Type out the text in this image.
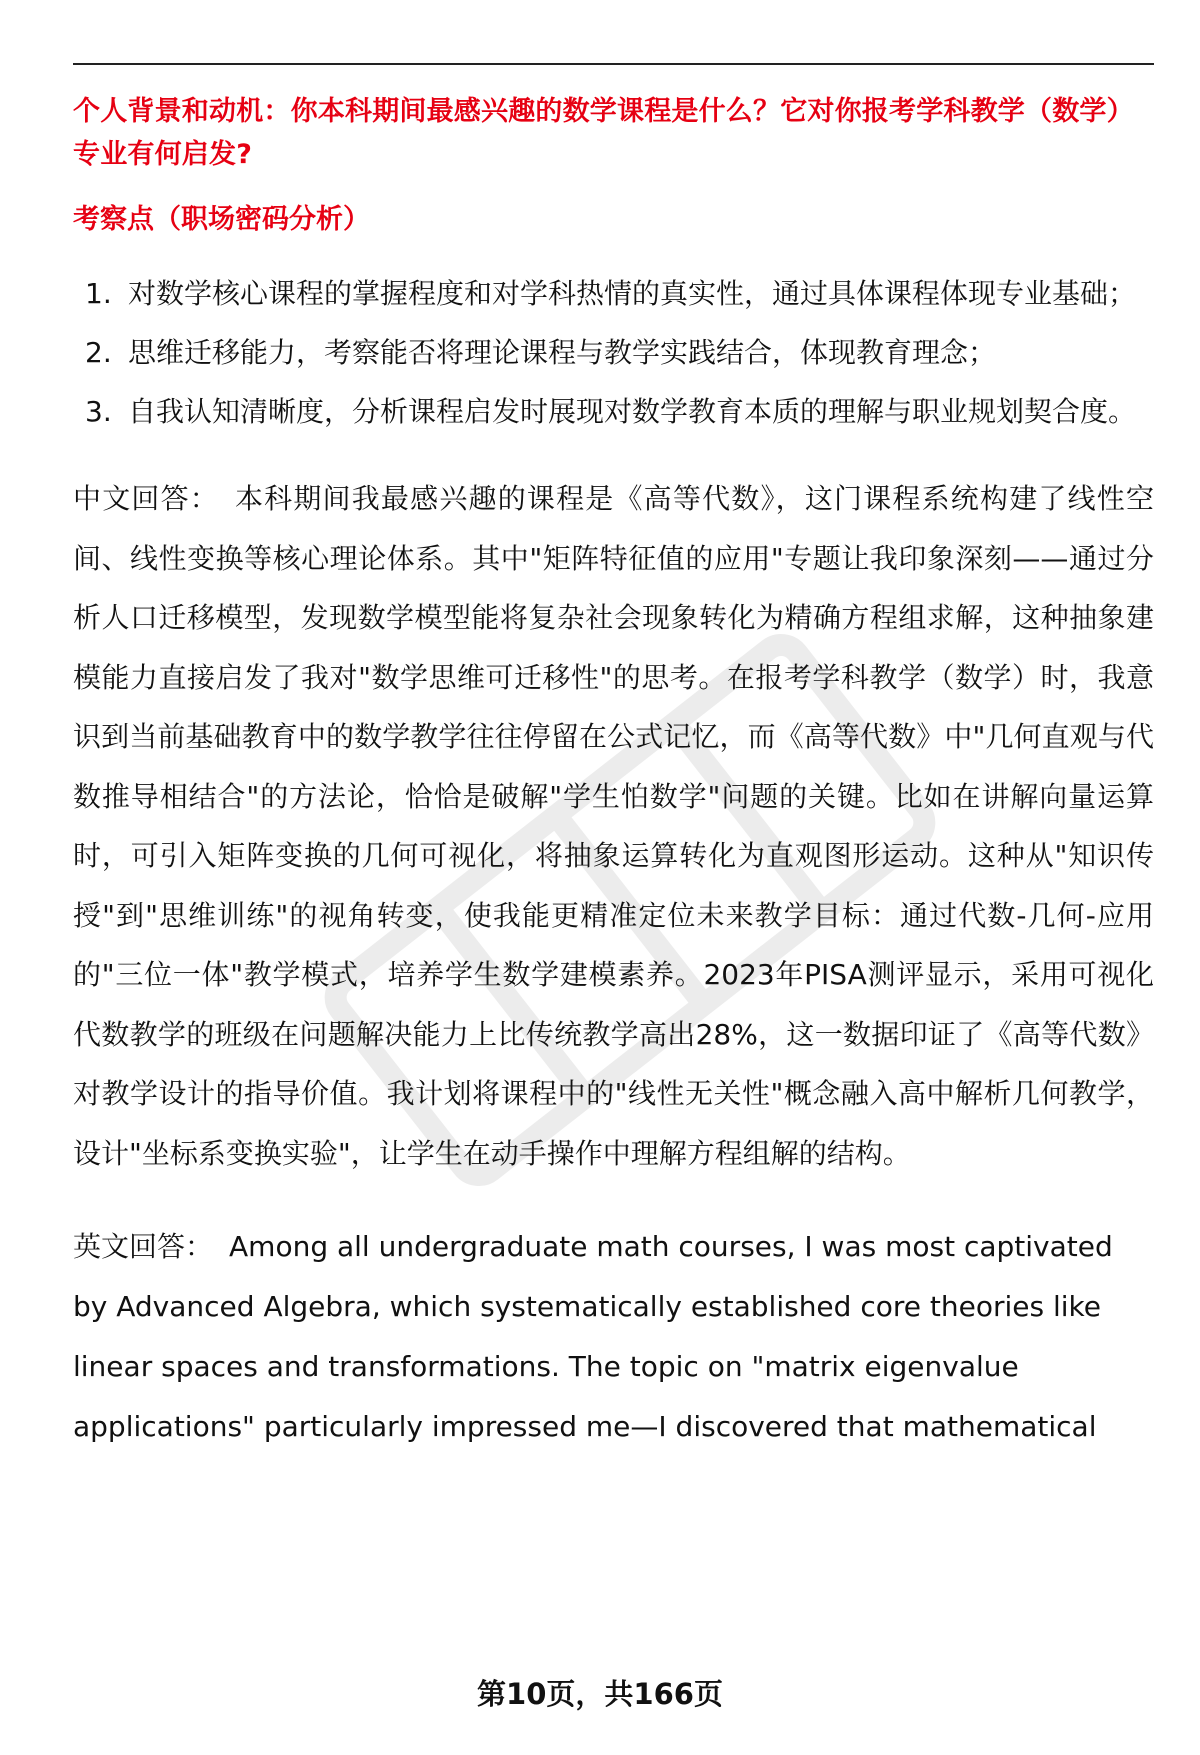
个人背景和动机：你本科期间最感兴趣的数学课程是什么？它对你报考学科教学（数学）专业有何启发?

考察点（职场密码分析）

1. 对数学核心课程的掌握程度和对学科热情的真实性，通过具体课程体现专业基础；
2. 思维迁移能力，考察能否将理论课程与教学实践结合，体现教育理念；
3. 自我认知清晰度，分析课程启发时展现对数学教育本质的理解与职业规划契合度。

中文回答： 本科期间我最感兴趣的课程是《高等代数》，这门课程系统构建了线性空间、线性变换等核心理论体系。其中"矩阵特征值的应用"专题让我印象深刻——通过分析人口迁移模型，发现数学模型能将复杂社会现象转化为精确方程组求解，这种抽象建模能力直接启发了我对"数学思维可迁移性"的思考。在报考学科教学（数学）时，我意识到当前基础教育中的数学教学往往停留在公式记忆，而《高等代数》中"几何直观与代数推导相结合"的方法论，恰恰是破解"学生怕数学"问题的关键。比如在讲解向量运算时，可引入矩阵变换的几何可视化，将抽象运算转化为直观图形运动。这种从"知识传授"到"思维训练"的视角转变，使我能更精准定位未来教学目标：通过代数-几何-应用的"三位一体"教学模式，培养学生数学建模素养。2023年PISA测评显示，采用可视化代数教学的班级在问题解决能力上比传统教学高出28%，这一数据印证了《高等代数》对教学设计的指导价值。我计划将课程中的"线性无关性"概念融入高中解析几何教学，设计"坐标系变换实验"，让学生在动手操作中理解方程组解的结构。

英文回答： Among all undergraduate math courses, I was most captivated by Advanced Algebra, which systematically established core theories like linear spaces and transformations. The topic on "matrix eigenvalue applications" particularly impressed me—I discovered that mathematical

第10页，共166页
